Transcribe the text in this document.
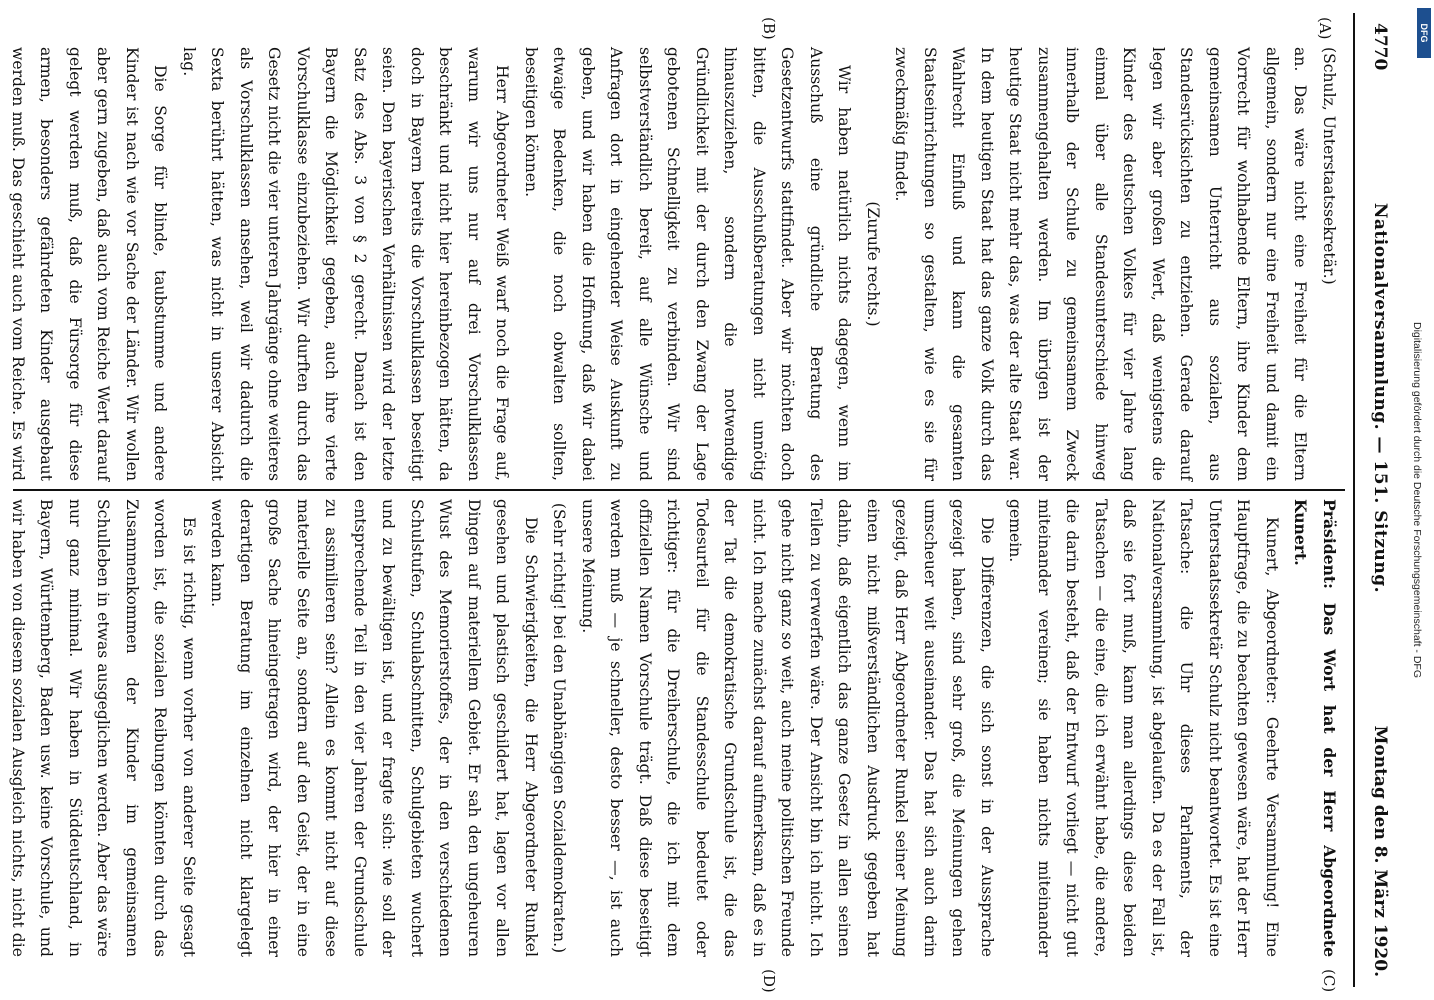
4770
Nationalversammlung. — 151. Sitzung.
Montag den 8. März 1920.
(A)
(B)

(Schulz, Unterstaatssekretär.)

an. Das wäre nicht eine Freiheit für die Eltern allgemein, sondern nur eine Freiheit und damit ein Vorrecht für wohlhabende Eltern, ihre Kinder dem gemeinsamen Unterricht aus sozialen, aus Standesrücksichten zu entziehen. Gerade darauf legen wir aber großen Wert, daß wenigstens die Kinder des deutschen Volkes für vier Jahre lang einmal über alle Standesunterschiede hinweg innerhalb der Schule zu gemeinsamem Zweck zusammengehalten werden. Im übrigen ist der heutige Staat nicht mehr das, was der alte Staat war. In dem heutigen Staat hat das ganze Volk durch das Wahlrecht Einfluß und kann die gesamten Staatseinrichtungen so gestalten, wie es sie für zweckmäßig findet.

(Zurufe rechts.)

Wir haben natürlich nichts dagegen, wenn im Ausschuß eine gründliche Beratung des Gesetzentwurfs stattfindet. Aber wir möchten doch bitten, die Ausschußberatungen nicht unnötig hinauszuziehen, sondern die notwendige Gründlichkeit mit der durch den Zwang der Lage gebotenen Schnelligkeit zu verbinden. Wir sind selbstverständlich bereit, auf alle Wünsche und Anfragen dort in eingehender Weise Auskunft zu geben, und wir haben die Hoffnung, daß wir dabei etwaige Bedenken, die noch obwalten sollten, beseitigen können.

Herr Abgeordneter Weiß warf noch die Frage auf, warum wir uns nur auf drei Vorschulklassen beschränkt und nicht hier hereinbezogen hätten, da doch in Bayern bereits die Vorschulklassen beseitigt seien. Den bayerischen Verhältnissen wird der letzte Satz des Abs. 3 von § 2 gerecht. Danach ist den Bayern die Möglichkeit gegeben, auch ihre vierte Vorschulklasse einzubeziehen. Wir durften durch das Gesetz nicht die vier unteren Jahrgänge ohne weiteres als Vorschulklassen ansehen, weil wir dadurch die Sexta berührt hätten, was nicht in unserer Absicht lag.

Die Sorge für blinde, taubstumme und andere Kinder ist nach wie vor Sache der Länder. Wir wollen aber gern zugeben, daß auch vom Reiche Wert darauf gelegt werden muß, daß die Fürsorge für diese armen, besonders gefährdeten Kinder ausgebaut werden muß. Das geschieht auch vom Reiche. Es wird

(C)
(D)

Präsident: Das Wort hat der Herr Abgeordnete Kunert.

Kunert, Abgeordneter: Geehrte Versammlung! Eine Hauptfrage, die zu beachten gewesen wäre, hat der Herr Unterstaatssekretär Schulz nicht beantwortet. Es ist eine Tatsache: die Uhr dieses Parlaments, der Nationalversammlung, ist abgelaufen. Da es der Fall ist, daß sie fort muß, kann man allerdings diese beiden Tatsachen — die eine, die ich erwähnt habe, die andere, die darin besteht, daß der Entwurf vorliegt — nicht gut miteinander vereinen; sie haben nichts miteinander gemein.

Die Differenzen, die sich sonst in der Aussprache gezeigt haben, sind sehr groß, die Meinungen gehen umscheuer weit auseinander. Das hat sich auch darin gezeigt, daß Herr Abgeordneter Runkel seiner Meinung einen nicht mißverständlichen Ausdruck gegeben hat dahin, daß eigentlich das ganze Gesetz in allen seinen Teilen zu verwerfen wäre. Der Ansicht bin ich nicht. Ich gehe nicht ganz so weit, auch meine politischen Freunde nicht. Ich mache zunächst darauf aufmerksam, daß es in der Tat die demokratische Grundschule ist, die das Todesurteil für die Standesschule bedeutet oder richtiger: für die Dreiherschule, die ich mit dem offiziellen Namen Vorschule trägt. Daß diese beseitigt werden muß — je schneller, desto besser —, ist auch unsere Meinung.

(Sehr richtig! bei den Unabhängigen Sozialdemokraten.)

Die Schwierigkeiten, die Herr Abgeordneter Runkel gesehen und plastisch geschildert hat, lagen vor allen Dingen auf materiellem Gebiet. Er sah den ungeheuren Wust des Memorierstoffes, der in den verschiedenen Schulstufen, Schulabschnitten, Schulgebieten wuchert und zu bewältigen ist, und er fragte sich: wie soll der entsprechende Teil in den vier Jahren der Grundschule zu assimilieren sein? Allein es kommt nicht auf diese materielle Seite an, sondern auf den Geist, der in eine große Sache hineingetragen wird, der hier in einer derartigen Beratung im einzelnen nicht klargelegt werden kann.

Es ist richtig, wenn vorher von anderer Seite gesagt worden ist, die sozialen Reibungen könnten durch das Zusammenkommen der Kinder im gemeinsamen Schulleben in etwas ausgeglichen werden. Aber das wäre nur ganz minimal. Wir haben in Süddeutschland, in Bayern, Württemberg, Baden usw. keine Vorschule, und wir haben von diesem sozialen Ausgleich nichts, nicht die

Digitalisierung gefördert durch die Deutsche Forschungsgemeinschaft - DFG
DFG
